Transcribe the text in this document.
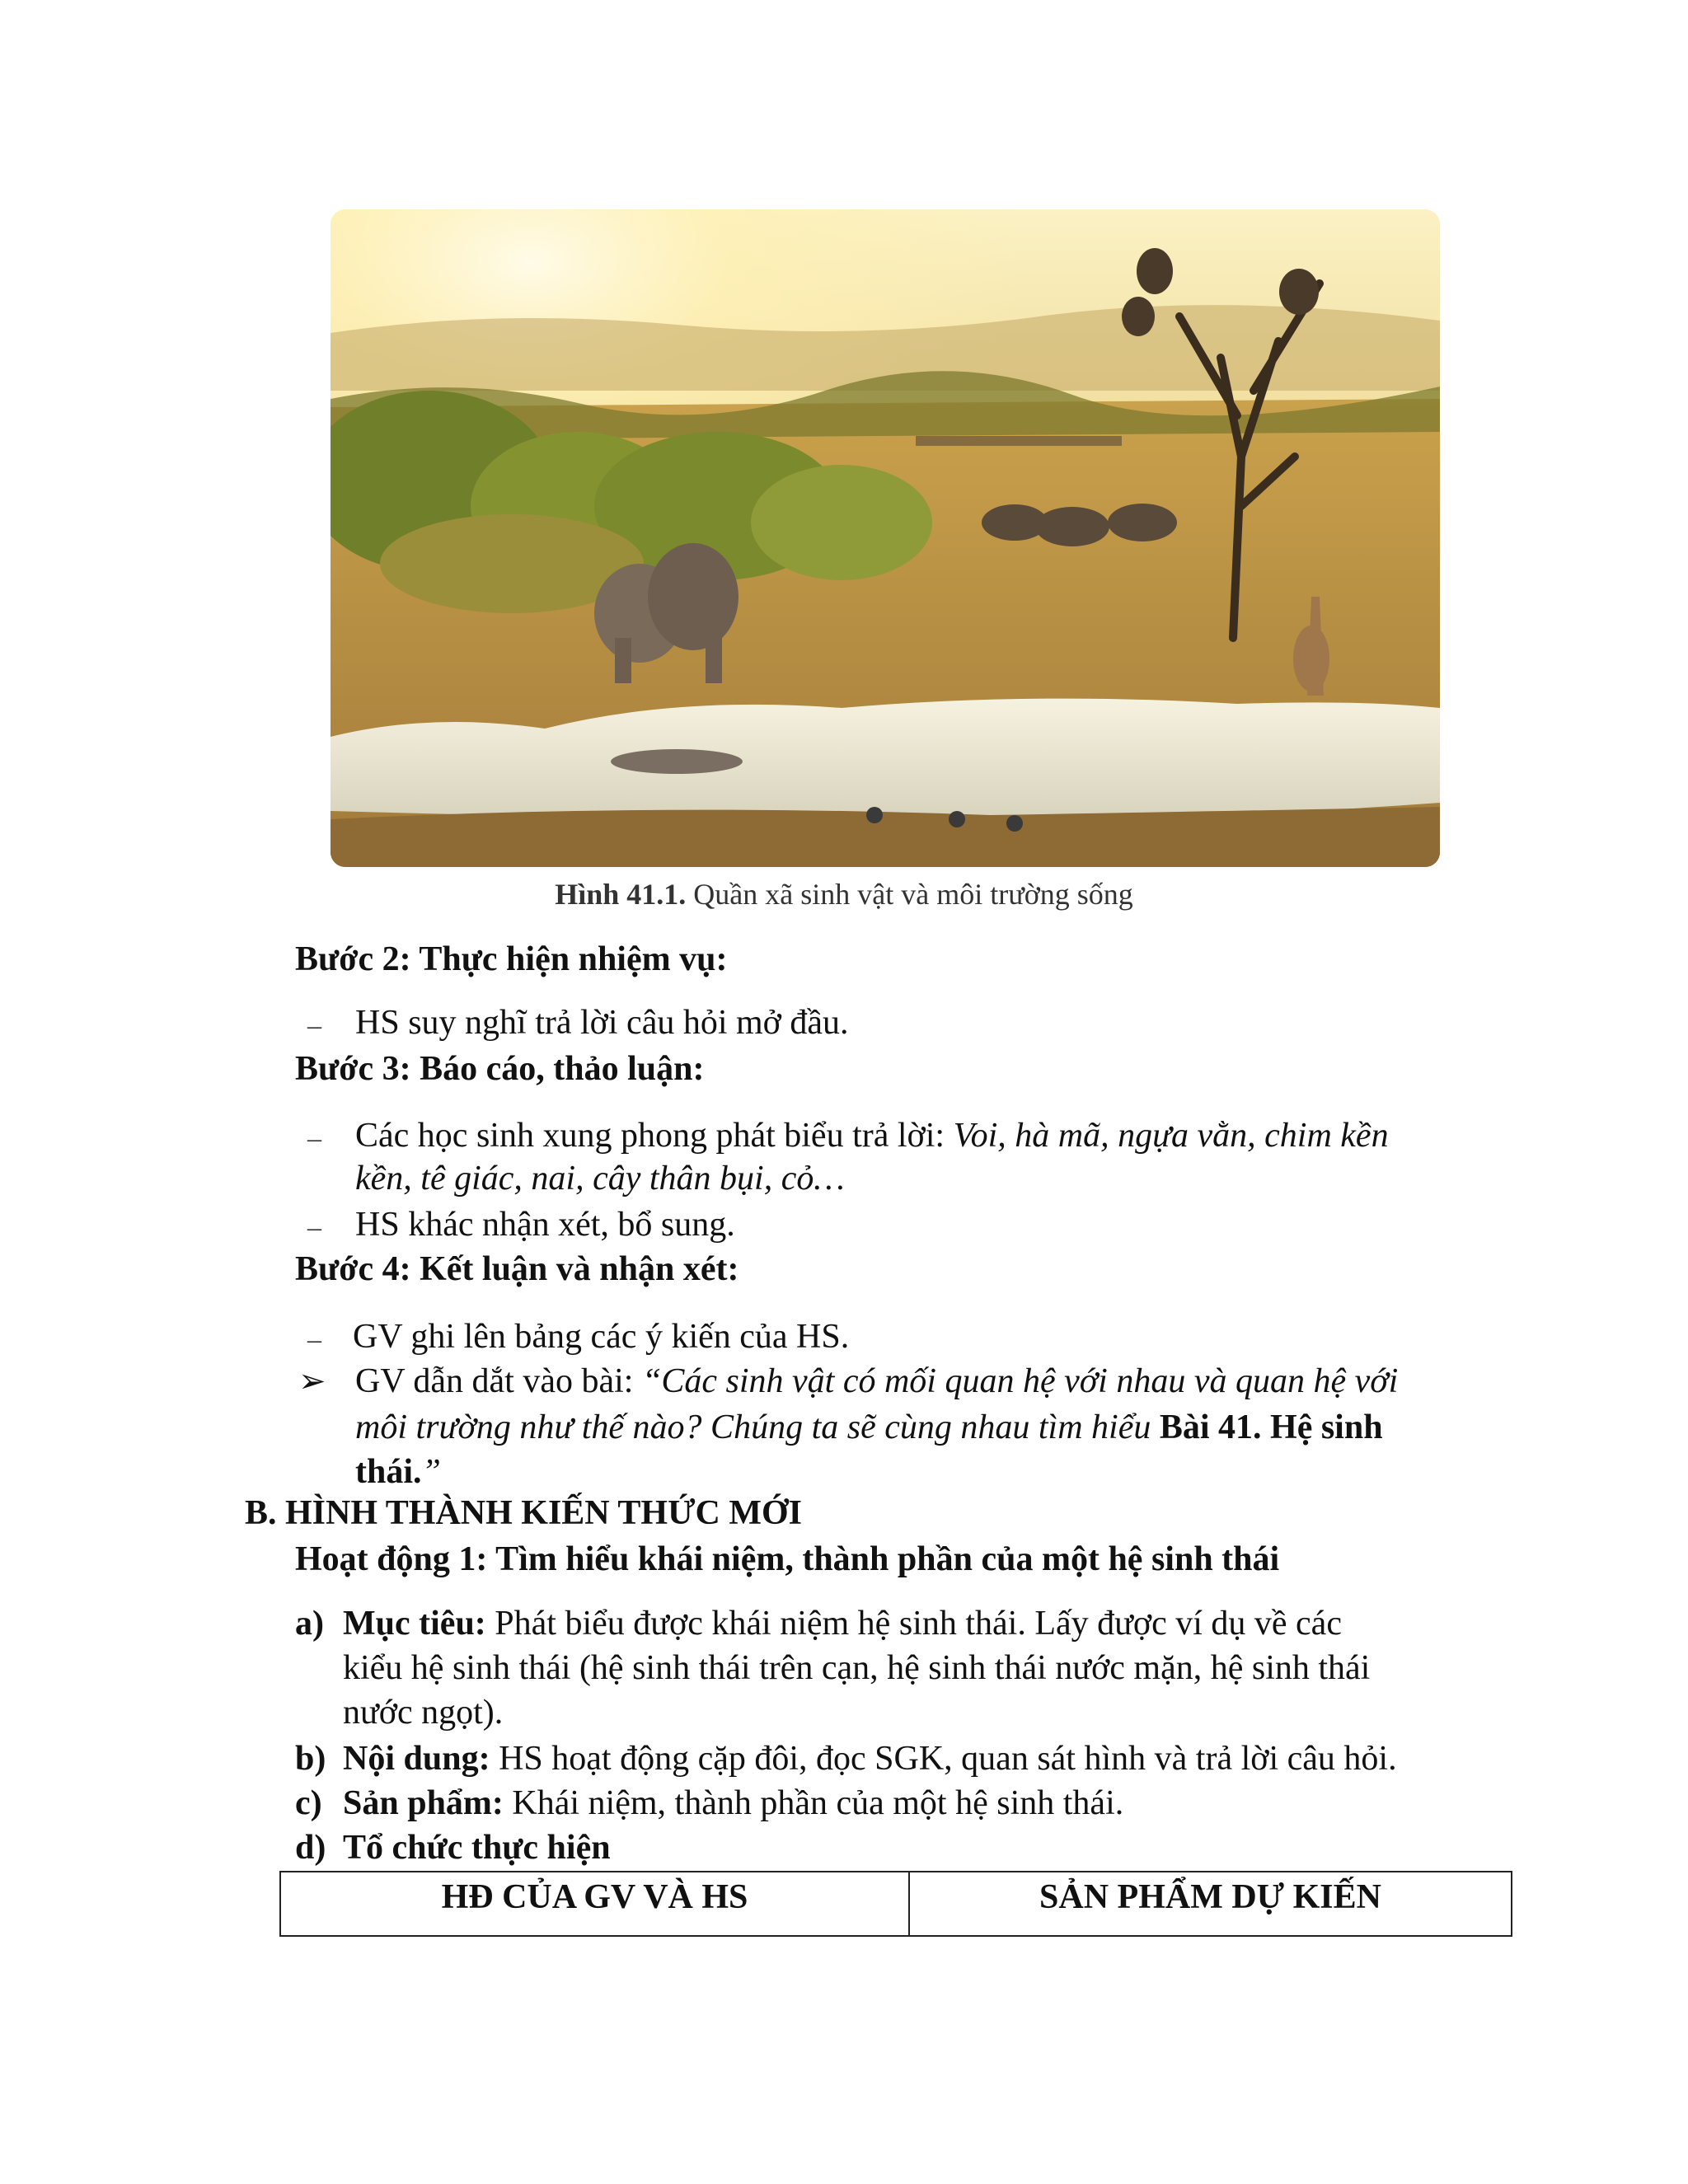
Hình 41.1. Quần xã sinh vật và môi trường sống
Bước 2: Thực hiện nhiệm vụ:
– HS suy nghĩ trả lời câu hỏi mở đầu.
Bước 3: Báo cáo, thảo luận:
– Các học sinh xung phong phát biểu trả lời: Voi, hà mã, ngựa vằn, chim kền
kền, tê giác, nai, cây thân bụi, cỏ…
– HS khác nhận xét, bổ sung.
Bước 4: Kết luận và nhận xét:
– GV ghi lên bảng các ý kiến của HS.
➢ GV dẫn dắt vào bài: “Các sinh vật có mối quan hệ với nhau và quan hệ với
môi trường như thế nào? Chúng ta sẽ cùng nhau tìm hiểu Bài 41. Hệ sinh
thái.”
B. HÌNH THÀNH KIẾN THỨC MỚI
Hoạt động 1: Tìm hiểu khái niệm, thành phần của một hệ sinh thái
a) Mục tiêu: Phát biểu được khái niệm hệ sinh thái. Lấy được ví dụ về các
kiểu hệ sinh thái (hệ sinh thái trên cạn, hệ sinh thái nước mặn, hệ sinh thái
nước ngọt).
b) Nội dung: HS hoạt động cặp đôi, đọc SGK, quan sát hình và trả lời câu hỏi.
c) Sản phẩm: Khái niệm, thành phần của một hệ sinh thái.
d) Tổ chức thực hiện
HĐ CỦA GV VÀ HS	SẢN PHẨM DỰ KIẾN
